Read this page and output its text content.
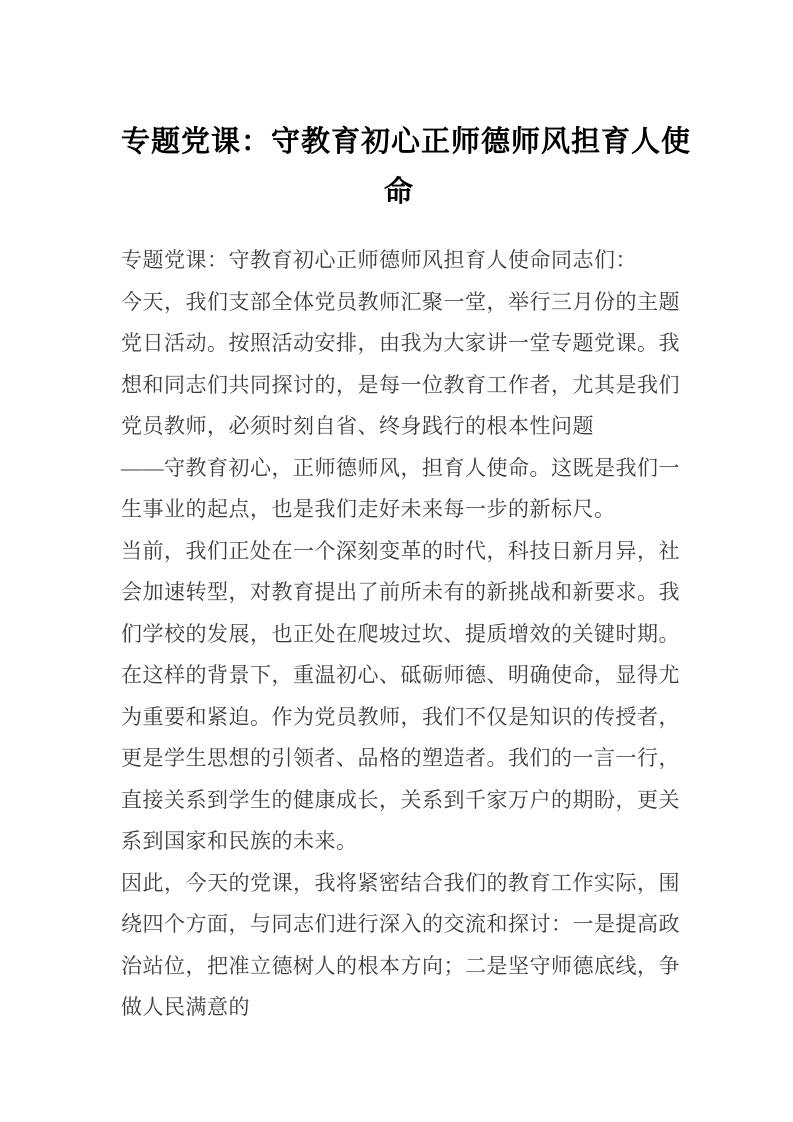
专题党课：守教育初心正师德师风担育人使
命
专题党课：守教育初心正师德师风担育人使命同志们：
今天，我们支部全体党员教师汇聚一堂，举行三月份的主题
党日活动。按照活动安排，由我为大家讲一堂专题党课。我
想和同志们共同探讨的，是每一位教育工作者，尤其是我们
党员教师，必须时刻自省、终身践行的根本性问题
——守教育初心，正师德师风，担育人使命。这既是我们一
生事业的起点，也是我们走好未来每一步的新标尺。
当前，我们正处在一个深刻变革的时代，科技日新月异，社
会加速转型，对教育提出了前所未有的新挑战和新要求。我
们学校的发展，也正处在爬坡过坎、提质增效的关键时期。
在这样的背景下，重温初心、砥砺师德、明确使命，显得尤
为重要和紧迫。作为党员教师，我们不仅是知识的传授者，
更是学生思想的引领者、品格的塑造者。我们的一言一行，
直接关系到学生的健康成长，关系到千家万户的期盼，更关
系到国家和民族的未来。
因此，今天的党课，我将紧密结合我们的教育工作实际，围
绕四个方面，与同志们进行深入的交流和探讨：一是提高政
治站位，把准立德树人的根本方向；二是坚守师德底线，争
做人民满意的
